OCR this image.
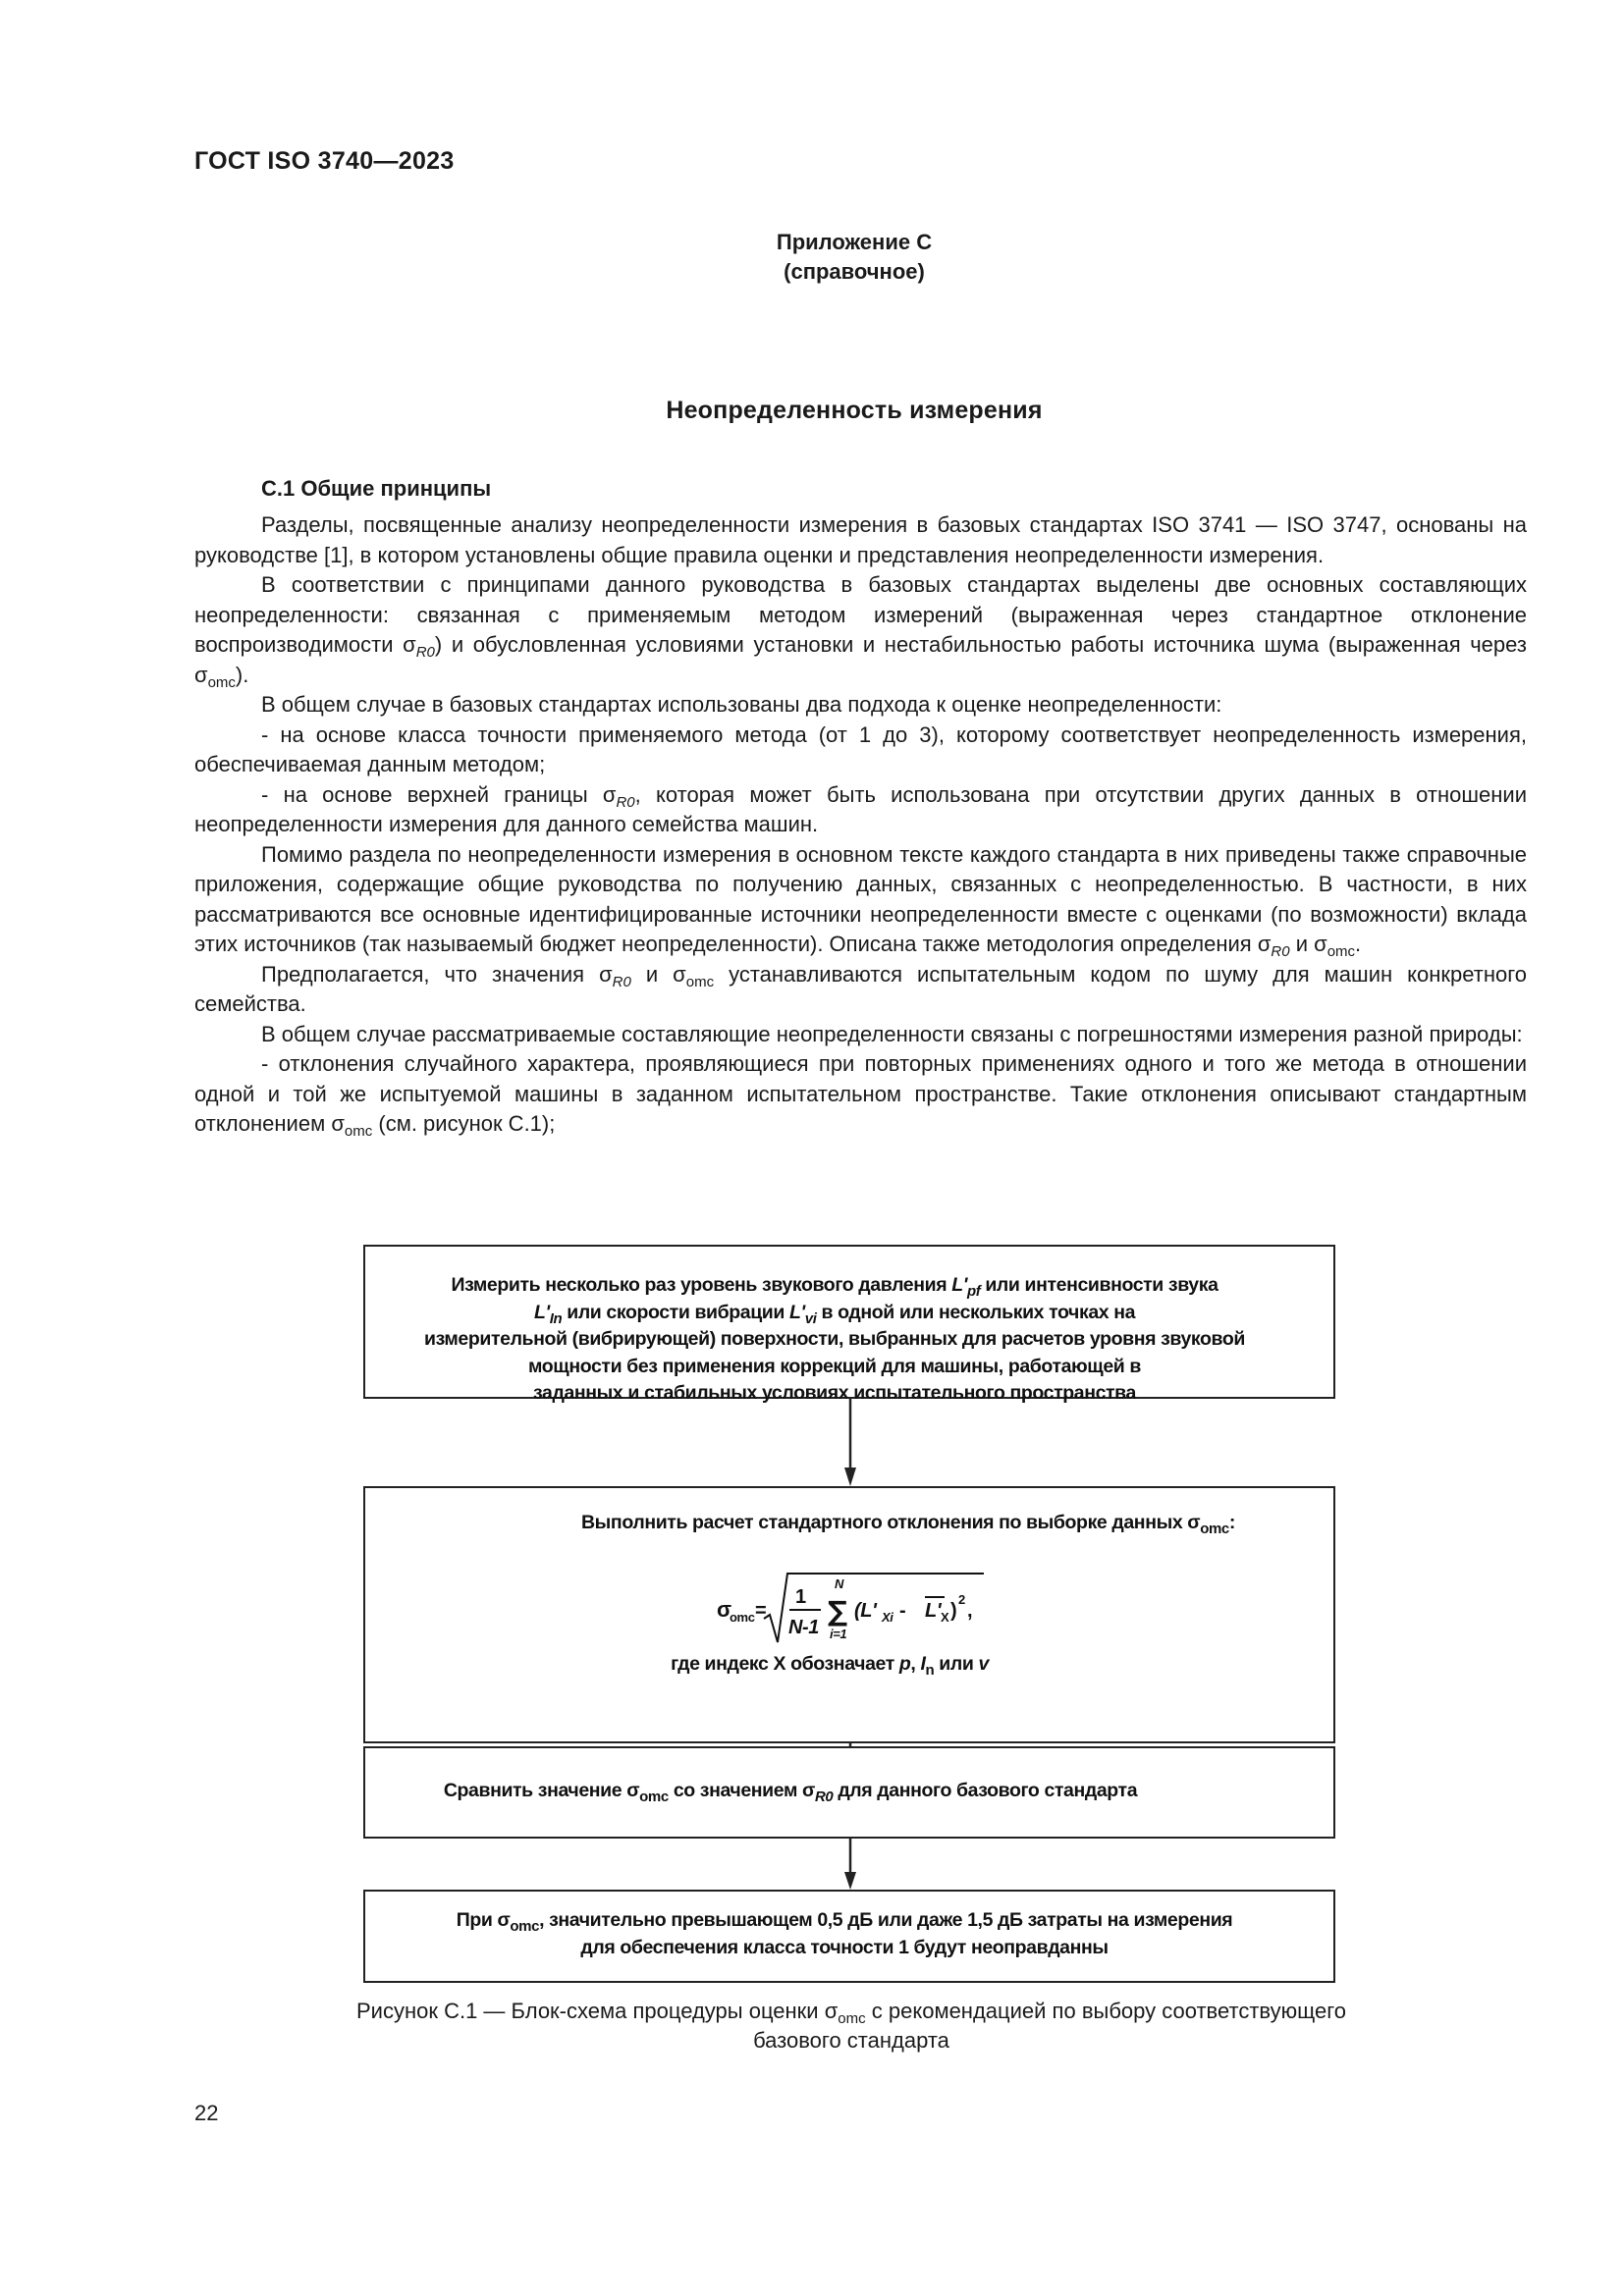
ГОСТ ISO 3740—2023
Приложение С
(справочное)
Неопределенность измерения
С.1 Общие принципы

Разделы, посвященные анализу неопределенности измерения в базовых стандартах ISO 3741 — ISO 3747, основаны на руководстве [1], в котором установлены общие правила оценки и представления неопределенности измерения.

В соответствии с принципами данного руководства в базовых стандартах выделены две основных составляющих неопределенности: связанная с применяемым методом измерений (выраженная через стандартное отклонение воспроизводимости $\sigma_{R0}$) и обусловленная условиями установки и нестабильностью работы источника шума (выраженная через $\sigma_{omc}$).

В общем случае в базовых стандартах использованы два подхода к оценке неопределенности:

- на основе класса точности применяемого метода (от 1 до 3), которому соответствует неопределенность измерения, обеспечиваемая данным методом;

- на основе верхней границы $\sigma_{R0}$, которая может быть использована при отсутствии других данных в отношении неопределенности измерения для данного семейства машин.

Помимо раздела по неопределенности измерения в основном тексте каждого стандарта в них приведены также справочные приложения, содержащие общие руководства по получению данных, связанных с неопределенностью. В частности, в них рассматриваются все основные идентифицированные источники неопределенности вместе с оценками (по возможности) вклада этих источников (так называемый бюджет неопределенности). Описана также методология определения $\sigma_{R0}$ и $\sigma_{omc}$.

Предполагается, что значения $\sigma_{R0}$ и $\sigma_{omc}$ устанавливаются испытательным кодом по шуму для машин конкретного семейства.

В общем случае рассматриваемые составляющие неопределенности связаны с погрешностями измерения разной природы:

- отклонения случайного характера, проявляющиеся при повторных применениях одного и того же метода в отношении одной и той же испытуемой машины в заданном испытательном пространстве. Такие отклонения описывают стандартным отклонением $\sigma_{omc}$ (см. рисунок С.1);

Измерить несколько раз уровень звукового давления $L'_{pf}$ или интенсивности звука
$L'_{In}$ или скорости вибрации $L'_{vi}$ в одной или нескольких точках на
измерительной (вибрирующей) поверхности, выбранных для расчетов уровня звуковой
мощности без применения коррекций для машины, работающей в
заданных и стабильных условиях испытательного пространства
Выполнить расчет стандартного отклонения по выборке данных $\sigma_{omc}$:
σ
omc =
1
N-1
N
∑
i=1
(L' Xi - L' X )
2
,
где индекс X обозначает p, $I_n$ или v
Сравнить значение $\sigma_{omc}$ со значением $\sigma_{R0}$ для данного базового стандарта
При $\sigma_{omc}$, значительно превышающем 0,5 дБ или даже 1,5 дБ затраты на измерения
для обеспечения класса точности 1 будут неоправданны
Рисунок С.1 — Блок-схема процедуры оценки $\sigma_{omc}$ с рекомендацией по выбору соответствующего
базового стандарта
22
